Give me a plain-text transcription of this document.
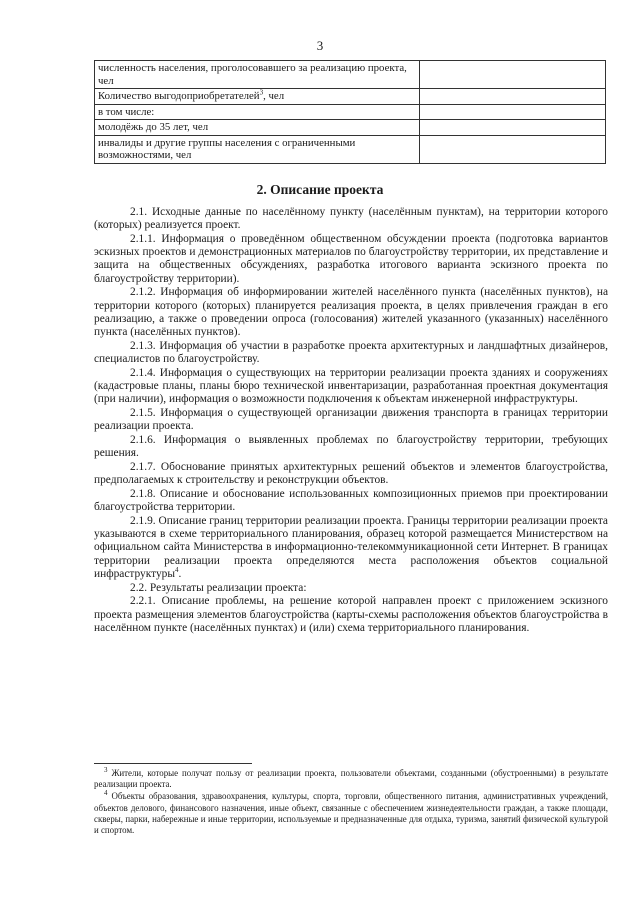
3
численность населения, проголосовавшего за реализацию проекта, чел	
Количество выгодоприобретателей$^3$, чел	
в том числе:	
молодёжь до 35 лет, чел	
инвалиды и другие группы населения с ограниченными возможностями, чел	
2. Описание проекта

2.1. Исходные данные по населённому пункту (населённым пунктам), на территории которого (которых) реализуется проект.

2.1.1. Информация о проведённом общественном обсуждении проекта (подготовка вариантов эскизных проектов и демонстрационных материалов по благоустройству территории, их представление и защита на общественных обсуждениях, разработка итогового варианта эскизного проекта по благоустройству территории).

2.1.2. Информация об информировании жителей населённого пункта (населённых пунктов), на территории которого (которых) планируется реализация проекта, в целях привлечения граждан в его реализацию, а также о проведении опроса (голосования) жителей указанного (указанных) населённого пункта (населённых пунктов).

2.1.3. Информация об участии в разработке проекта архитектурных и ландшафтных дизайнеров, специалистов по благоустройству.

2.1.4. Информация о существующих на территории реализации проекта зданиях и сооружениях (кадастровые планы, планы бюро технической инвентаризации, разработанная проектная документация (при наличии), информация о возможности подключения к объектам инженерной инфраструктуры.

2.1.5. Информация о существующей организации движения транспорта в границах территории реализации проекта.

2.1.6. Информация о выявленных проблемах по благоустройству территории, требующих решения.

2.1.7. Обоснование принятых архитектурных решений объектов и элементов благоустройства, предполагаемых к строительству и реконструкции объектов.

2.1.8. Описание и обоснование использованных композиционных приемов при проектировании благоустройства территории.

2.1.9. Описание границ территории реализации проекта. Границы территории реализации проекта указываются в схеме территориального планирования, образец которой размещается Министерством на официальном сайта Министерства в информационно-телекоммуникационной сети Интернет. В границах территории реализации проекта определяются места расположения объектов социальной инфраструктуры$^4$.

2.2. Результаты реализации проекта:

2.2.1. Описание проблемы, на решение которой направлен проект с приложением эскизного проекта размещения элементов благоустройства (карты-схемы расположения объектов благоустройства в населённом пункте (населённых пунктах) и (или) схема территориального планирования.

$^3$ Жители, которые получат пользу от реализации проекта, пользователи объектами, созданными (обустроенными) в результате реализации проекта.

$^4$ Объекты образования, здравоохранения, культуры, спорта, торговли, общественного питания, административных учреждений, объектов делового, финансового назначения, иные объект, связанные с обеспечением жизнедеятельности граждан, а также площади, скверы, парки, набережные и иные территории, используемые и предназначенные для отдыха, туризма, занятий физической культурой и спортом.
